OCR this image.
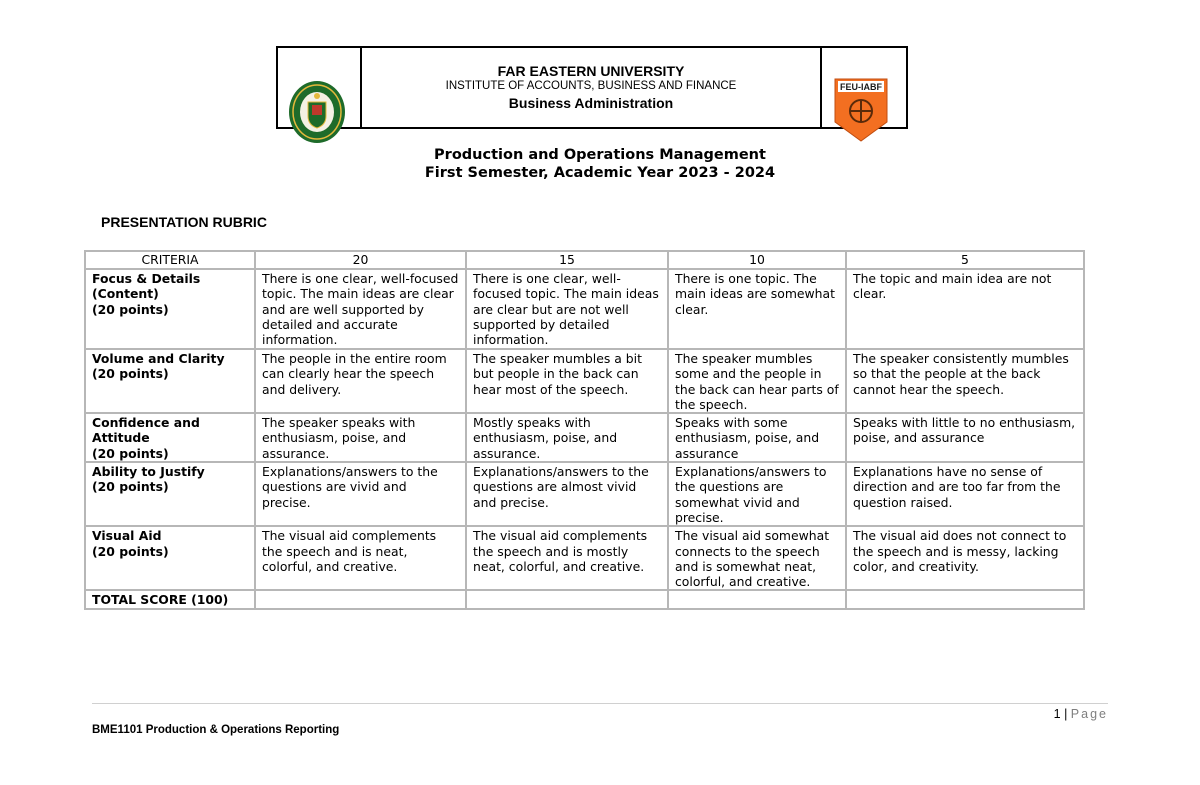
FAR EASTERN UNIVERSITY
INSTITUTE OF ACCOUNTS, BUSINESS AND FINANCE
Business Administration
FEU-IABF
Production and Operations Management
First Semester, Academic Year 2023 - 2024
PRESENTATION RUBRIC
CRITERIA	20	15	10	5

Focus & Details
(Content)
(20 points)	There is one clear, well-focused topic. The main ideas are clear and are well supported by detailed and accurate information.	There is one clear, well-focused topic. The main ideas are clear but are not well supported by detailed information.	There is one topic. The main ideas are somewhat clear.	The topic and main idea are not clear.

Volume and Clarity
(20 points)	The people in the entire room can clearly hear the speech and delivery.	The speaker mumbles a bit but people in the back can hear most of the speech.	The speaker mumbles some and the people in the back can hear parts of the speech.	The speaker consistently mumbles so that the people at the back cannot hear the speech.

Confidence and Attitude
(20 points)	The speaker speaks with enthusiasm, poise, and assurance.	Mostly speaks with enthusiasm, poise, and assurance.	Speaks with some enthusiasm, poise, and assurance	Speaks with little to no enthusiasm, poise, and assurance

Ability to Justify
(20 points)	Explanations/answers to the questions are vivid and precise.	Explanations/answers to the questions are almost vivid and precise.	Explanations/answers to the questions are somewhat vivid and precise.	Explanations have no sense of direction and are too far from the question raised.

Visual Aid
(20 points)	The visual aid complements the speech and is neat, colorful, and creative.	The visual aid complements the speech and is mostly neat, colorful, and creative.	The visual aid somewhat connects to the speech and is somewhat neat, colorful, and creative.	The visual aid does not connect to the speech and is messy, lacking color, and creativity.
TOTAL SCORE (100)				
1 | Page
BME1101 Production & Operations Reporting
